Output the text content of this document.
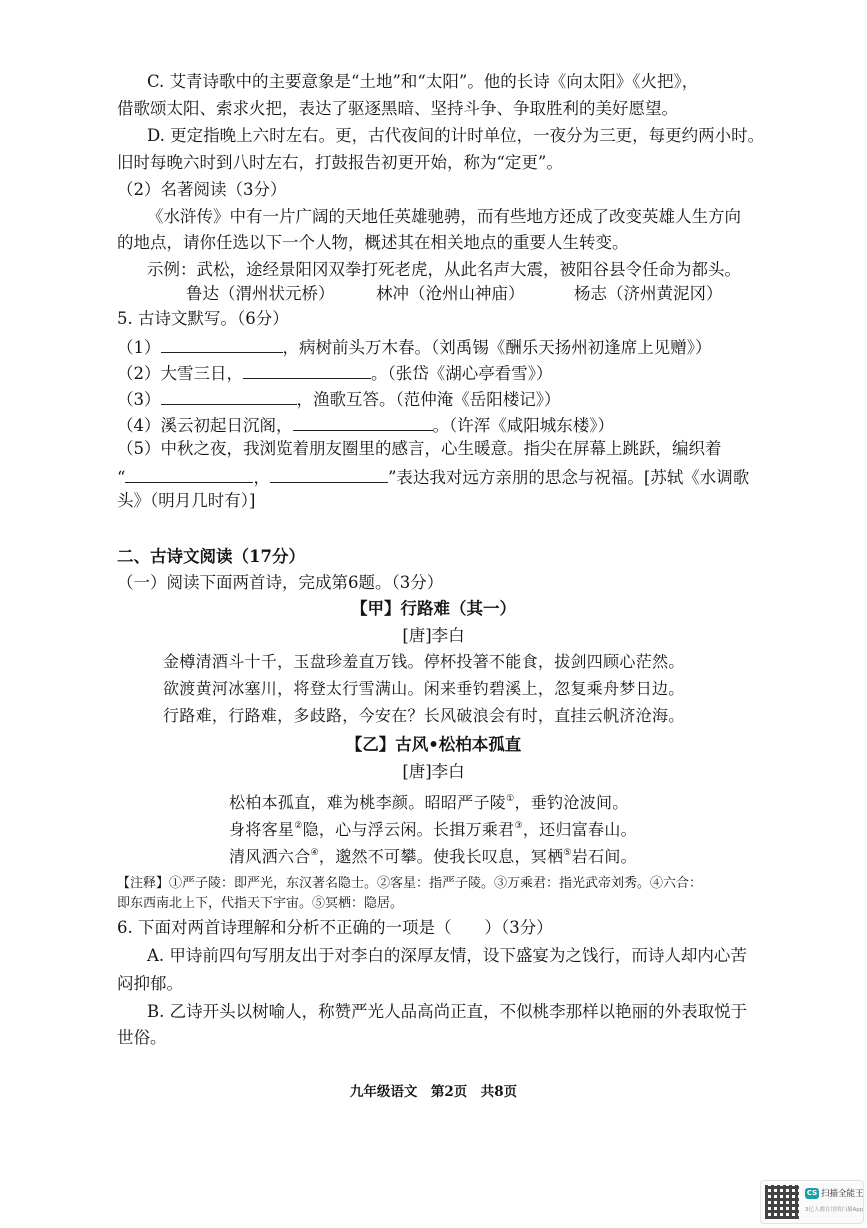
C. 艾青诗歌中的主要意象是“土地”和“太阳”。他的长诗《向太阳》《火把》，
借歌颂太阳、索求火把，表达了驱逐黑暗、坚持斗争、争取胜利的美好愿望。
D. 更定指晚上六时左右。更，古代夜间的计时单位，一夜分为三更，每更约两小时。
旧时每晚六时到八时左右，打鼓报告初更开始，称为“定更”。
（2）名著阅读（3分）
《水浒传》中有一片广阔的天地任英雄驰骋，而有些地方还成了改变英雄人生方向
的地点，请你任选以下一个人物，概述其在相关地点的重要人生转变。
示例：武松，途经景阳冈双拳打死老虎，从此名声大震，被阳谷县令任命为都头。
鲁达（渭州状元桥）	林冲（沧州山神庙）	杨志（济州黄泥冈）
5. 古诗文默写。（6分）
（1）	，病树前头万木春。（刘禹锡《酬乐天扬州初逢席上见赠》）
（2）大雪三日，	。（张岱《湖心亭看雪》）
（3）	，渔歌互答。（范仲淹《岳阳楼记》）
（4）溪云初起日沉阁，	。（许浑《咸阳城东楼》）
（5）中秋之夜，我浏览着朋友圈里的感言，心生暖意。指尖在屏幕上跳跃，编织着
“	，	”表达我对远方亲朋的思念与祝福。[苏轼《水调歌
头》（明月几时有）]
二、古诗文阅读（17分）
（一）阅读下面两首诗，完成第6题。（3分）
【甲】行路难（其一）
[唐]李白
金樽清酒斗十千，玉盘珍羞直万钱。停杯投箸不能食，拔剑四顾心茫然。
欲渡黄河冰塞川，将登太行雪满山。闲来垂钓碧溪上，忽复乘舟梦日边。
行路难，行路难，多歧路，今安在？长风破浪会有时，直挂云帆济沧海。
【乙】古风•松柏本孤直
[唐]李白
松柏本孤直，难为桃李颜。昭昭严子陵①，垂钓沧波间。
身将客星②隐，心与浮云闲。长揖万乘君③，还归富春山。
清风洒六合④，邈然不可攀。使我长叹息，冥栖⑤岩石间。
【注释】①严子陵：即严光，东汉著名隐士。②客星：指严子陵。③万乘君：指光武帝刘秀。④六合：
即东西南北上下，代指天下宇宙。⑤冥栖：隐居。
6. 下面对两首诗理解和分析不正确的一项是（　　）（3分）
A. 甲诗前四句写朋友出于对李白的深厚友情，设下盛宴为之饯行，而诗人却内心苦
闷抑郁。
B. 乙诗开头以树喻人，称赞严光人品高尚正直，不似桃李那样以艳丽的外表取悦于
世俗。
九年级语文　第2页　共8页
CS 扫描全能王
3亿人都在用的扫描App
